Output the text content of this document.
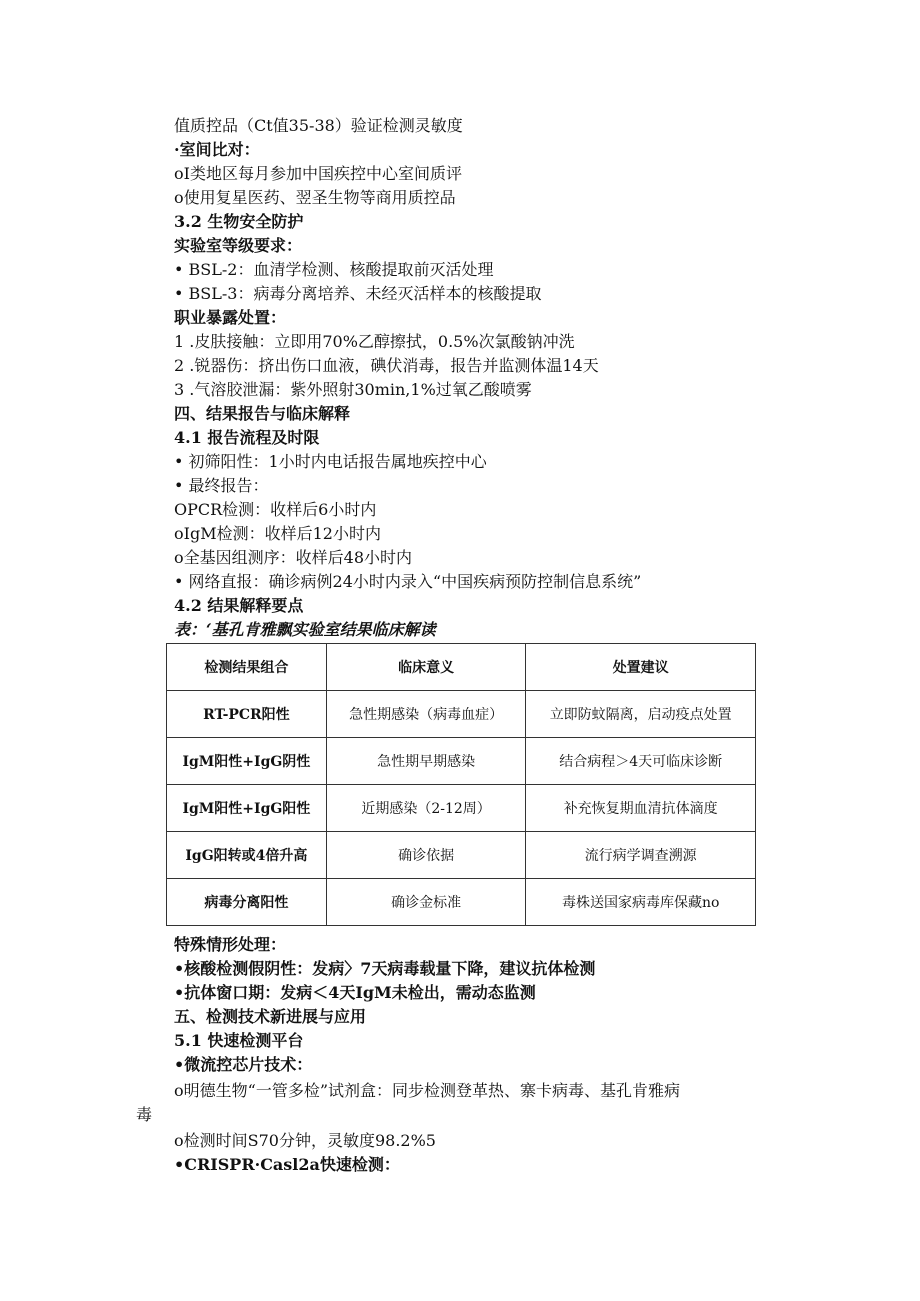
值质控品（Ct值35-38）验证检测灵敏度
·室间比对：
oI类地区每月参加中国疾控中心室间质评
o使用复星医药、翌圣生物等商用质控品
3.2 生物安全防护
实验室等级要求：
• BSL-2：血清学检测、核酸提取前灭活处理
• BSL-3：病毒分离培养、未经灭活样本的核酸提取
职业暴露处置：
1 .皮肤接触：立即用70%乙醇擦拭，0.5%次氯酸钠冲洗
2 .锐器伤：挤出伤口血液，碘伏消毒，报告并监测体温14天
3 .气溶胶泄漏：紫外照射30min,1%过氧乙酸喷雾
四、结果报告与临床解释
4.1 报告流程及时限
• 初筛阳性：1小时内电话报告属地疾控中心
• 最终报告：
OPCR检测：收样后6小时内
oIgM检测：收样后12小时内
o全基因组测序：收样后48小时内
• 网络直报：确诊病例24小时内录入“中国疾病预防控制信息系统”
4.2 结果解释要点
表：‘基孔肯雅飘实验室结果临床解读
检测结果组合	临床意义	处置建议
RT-PCR阳性	急性期感染（病毒血症）	立即防蚊隔离，启动疫点处置
IgM阳性+IgG阴性	急性期早期感染	结合病程＞4天可临床诊断
IgM阳性+IgG阳性	近期感染（2-12周）	补充恢复期血清抗体滴度
IgG阳转或4倍升高	确诊依据	流行病学调查溯源
病毒分离阳性	确诊金标准	毒株送国家病毒库保藏no
特殊情形处理：
•核酸检测假阴性：发病〉7天病毒载量下降，建议抗体检测
•抗体窗口期：发病＜4天IgM未检出，需动态监测
五、检测技术新进展与应用
5.1 快速检测平台
•微流控芯片技术：
o明德生物“一管多检”试剂盒：同步检测登革热、寨卡病毒、基孔肯雅病
毒
o检测时间S70分钟，灵敏度98.2%5
•CRISPR·Casl2a快速检测：
